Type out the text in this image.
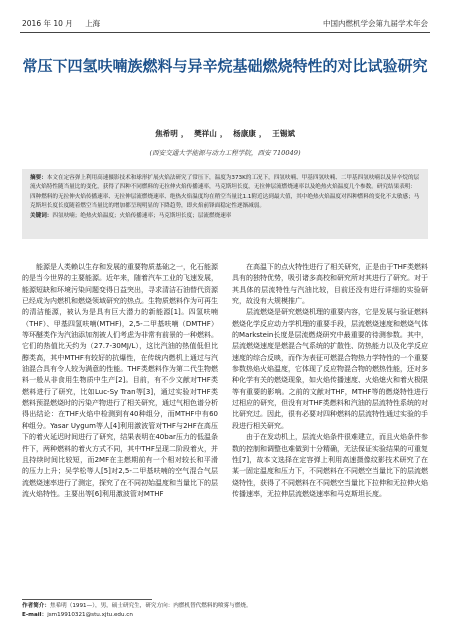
2016 年 10 月 上海	中国内燃机学会第九届学术年会
常压下四氢呋喃族燃料与异辛烷基础燃烧特性的对比试验研究
焦希明 ， 樊祥山 ， 杨康康 ， 王锡斌
(西安交通大学能源与动力工程学院，西安 710049)
摘要：本文在定容弹上利用高速摄影技术和球形扩展火焰法研究了常压下，温度为373K的工况下，四氢呋喃、甲基四氢呋喃、二甲基四氢呋喃以及异辛烷的层流火焰特性随当量比的变化，获得了四种不同燃料的无拉伸火焰传播速率，马克斯坦长度，无拉伸层流燃烧速率以及绝热火焰温度几个参数。研究结果表明：四种燃料的无拉伸火焰传播速率、无拉伸层流燃烧速率、绝热火焰温度均在稍空当量比1.1附近达到最大值，其中绝热火焰温度对四种燃料的变化不太敏感；马克斯坦长度长度随着燃空当量比的增加都呈现明显的下降趋势，即火焰前锋面稳定性逐渐减弱。
关键词：四氢呋喃；绝热火焰温度；火焰传播速率；马克斯坦长度；层流燃烧速率

能源是人类赖以生存和发展的重要物质基础之一，化石能源的是当今世界的主要能源。近年来，随着汽车工业的飞速发展，能源短缺和环境污染问题变得日益突出，寻求清洁石油替代资源已经成为内燃机和燃烧领域研究的热点。生物质燃料作为可再生的清洁能源，被认为是具有巨大潜力的新能源[1]。四氢呋喃（THF）、甲基四氢呋喃(MTHF)，2,5-二甲基呋喃（DMTHF）等环醚类作为汽油添加剂被人们考虑为非常有前景的一种燃料。它们的热值比天约为（27.7-30MJ/L），这比汽油的热值低但比醇类高，其中MTHF有较好的抗爆性，在传统内燃机上通过与汽油混合具有令人较为满意的性能。THF类燃料作为第二代生物燃料一般从非食用生物质中生产[2]。目前，有不少文献对THF类燃料进行了研究，比如Luc-Sy Tran等[3]，通过实验对THF类燃料预混燃烧时的污染产物进行了相关研究，通过气相色谱分析得出结论：在THF火焰中检测到有40种组分，而MTHF中有60种组分。Yasar Uygum等人[4]利用激波管对THF与2HF在高压下的着火延迟时间进行了研究，结果表明在40bar压力的低温条件下，两种燃料的着火方式不同，其中THF呈现二阶段着火，并且持续时间比较短，而2MF在主燃期前有一个相对较长和平滑的压力上升；吴学松等人[5]对2,5-二甲基呋喃的空气混合气层流燃烧速率进行了测定，探究了在不同初始温度和当量比下的层流火焰特性。主要出等[6]利用激波管对MTHF

在高温下的点火特性进行了相关研究，正是由于THF类燃料具有的独特优势，吸引诸多高校和研究所对其进行了研究。对于其具体的层流特性与汽油比较，目前还没有进行详细的实验研究，故没有大规模推广。

层流燃烧是研究燃烧机理的重要内容，它是发展与验证燃料燃烧化学反应动力学机理的重要手段，层流燃烧速度和燃烧气体的Markstein长度是层流燃烧研究中最重要的待测参数。其中，层流燃烧速度是燃混合气系统的扩散性、防热能力以及化学反应速度的综合反映，而作为表征可燃混合物热力学特性的一个重要参数热焰火焰温度，它体现了反应物混合物的燃热性能，还对多种化学有关的燃烧现象，如火焰传播速度、火焰熄火和着火极限等有重要的影响。之前的文献对THF，MTHF等的燃烧特性进行过相应的研究，但没有对THF类燃料和汽油的层流特性系统的对比研究过。因此，很有必要对四种燃料的层流特性通过实验的手段进行相关研究。

由于在发动机上，层流火焰条件很难建立，而且火焰条件参数的控制和调整也难做到十分精确，无法保证实验结果的可重复性[7]，故本文选择在定容弹上利用高速摄像纹影技术研究了在某一固定温度和压力下，不同燃料在不同燃空当量比下的层流燃烧特性，获得了不同燃料在不同燃空当量比下拉伸和无拉伸火焰传播速率，无拉伸层流燃烧速率和马克斯坦长度。

作者简介：焦希明（1991—），男，硕士研究生，研究方向：内燃机替代燃料的喷雾与燃烧。
E-mail：jsm19910321@stu.xjtu.edu.cn
